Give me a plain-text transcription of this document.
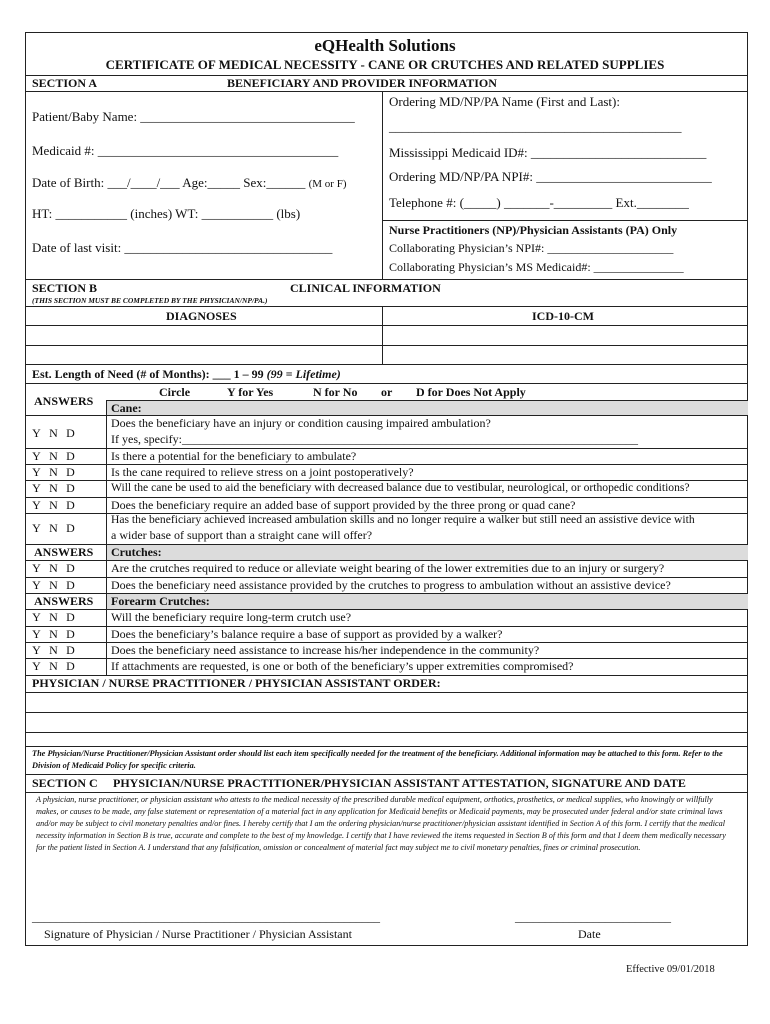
eQHealth Solutions
CERTIFICATE OF MEDICAL NECESSITY - CANE OR CRUTCHES AND RELATED SUPPLIES
SECTION A	BENEFICIARY AND PROVIDER INFORMATION
Patient/Baby Name: _________________________________
Medicaid #: _____________________________________
Date of Birth: ___/____/___ Age:_____ Sex:______ (M or F)
HT: ___________ (inches) WT: ___________ (lbs)
Date of last visit: ________________________________
Ordering MD/NP/PA Name (First and Last):
_____________________________________________
Mississippi Medicaid ID#: ___________________________
Ordering MD/NP/PA NPI#: ___________________________
Telephone #: (_____) _______-_________ Ext.________
Nurse Practitioners (NP)/Physician Assistants (PA) Only
Collaborating Physician’s NPI#: _____________________
Collaborating Physician’s MS Medicaid#: _______________
SECTION B	CLINICAL INFORMATION
(THIS SECTION MUST BE COMPLETED BY THE PHYSICIAN/NP/PA.)
DIAGNOSES	ICD-10-CM
Est. Length of Need (# of Months): ___ 1 – 99 (99 = Lifetime)
Circle	Y for Yes	N for No or D for Does Not Apply
ANSWERS Cane:
Y N D
Does the beneficiary have an injury or condition causing impaired ambulation?
If yes, specify:____________________________________________________________________________
Y N D	Is there a potential for the beneficiary to ambulate?
Y N D	Is the cane required to relieve stress on a joint postoperatively?
Y N D	Will the cane be used to aid the beneficiary with decreased balance due to vestibular, neurological, or orthopedic conditions?
Y N D	Does the beneficiary require an added base of support provided by the three prong or quad cane?
Y N D
Has the beneficiary achieved increased ambulation skills and no longer require a walker but still need an assistive device with
a wider base of support than a straight cane will offer?
ANSWERS Crutches:
Y N D	Are the crutches required to reduce or alleviate weight bearing of the lower extremities due to an injury or surgery?
Y N D	Does the beneficiary need assistance provided by the crutches to progress to ambulation without an assistive device?
ANSWERS Forearm Crutches:
Y N D	Will the beneficiary require long-term crutch use?
Y N D	Does the beneficiary’s balance require a base of support as provided by a walker?
Y N D	Does the beneficiary need assistance to increase his/her independence in the community?
Y N D	If attachments are requested, is one or both of the beneficiary’s upper extremities compromised?
PHYSICIAN / NURSE PRACTITIONER / PHYSICIAN ASSISTANT ORDER:
The Physician/Nurse Practitioner/Physician Assistant order should list each item specifically needed for the treatment of the beneficiary. Additional information may be attached to this form. Refer to the Division of Medicaid Policy for specific criteria.
SECTION C PHYSICIAN/NURSE PRACTITIONER/PHYSICIAN ASSISTANT ATTESTATION, SIGNATURE AND DATE
A physician, nurse practitioner, or physician assistant who attests to the medical necessity of the prescribed durable medical equipment, orthotics, prosthetics, or medical supplies, who knowingly or willfully makes, or causes to be made, any false statement or representation of a material fact in any application for Medicaid benefits or Medicaid payments, may be prosecuted under federal and/or state criminal laws and/or may be subject to civil monetary penalties and/or fines. I hereby certify that I am the ordering physician/nurse practitioner/physician assistant identified in Section A of this form. I certify that the medical necessity information in Section B is true, accurate and complete to the best of my knowledge. I certify that I have reviewed the items requested in Section B of this form and that I deem them medically necessary for the patient listed in Section A. I understand that any falsification, omission or concealment of material fact may subject me to civil monetary penalties, fines or criminal prosecution.
__________________________________________________________	__________________________
Signature of Physician / Nurse Practitioner / Physician Assistant	Date
Effective 09/01/2018
